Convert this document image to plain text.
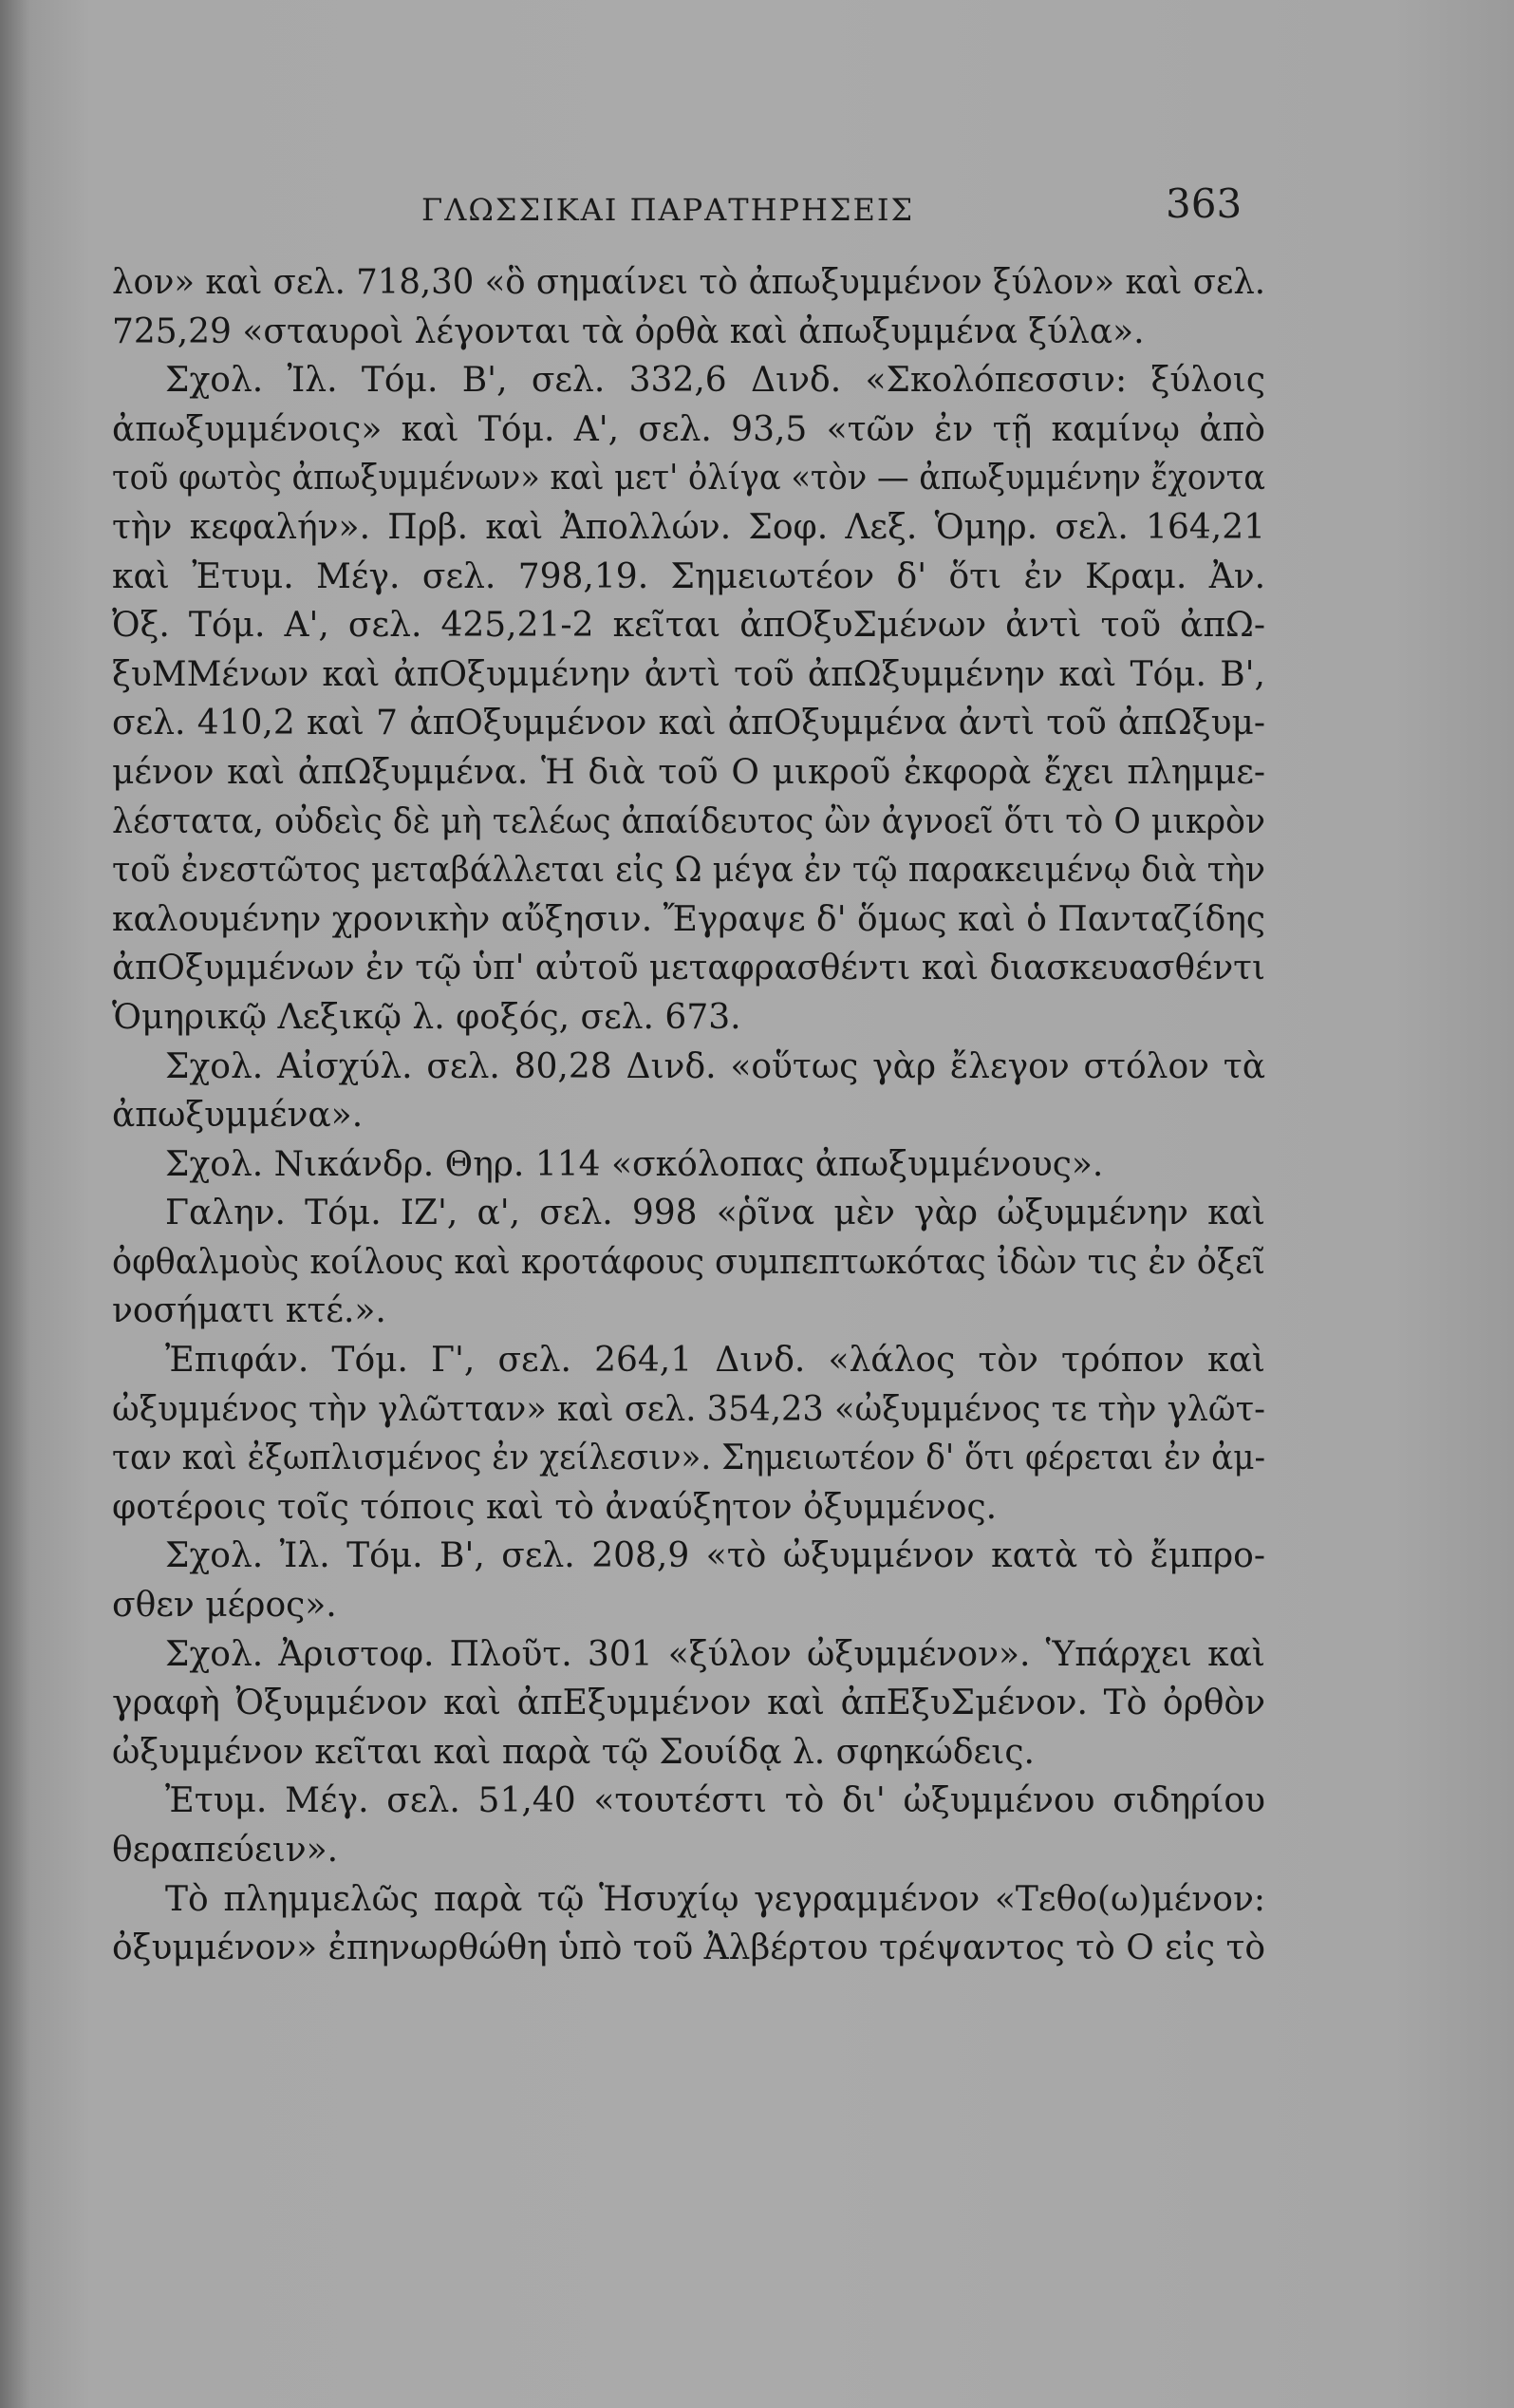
ΓΛΩΣΣΙΚΑΙ ΠΑΡΑΤΗΡΗΣΕΙΣ	363
λον» καὶ σελ. 718,30 «ὃ σημαίνει τὸ ἀπωξυμμένον ξύλον» καὶ σελ.
725,29 «σταυροὶ λέγονται τὰ ὀρθὰ καὶ ἀπωξυμμένα ξύλα».
Σχολ. Ἰλ. Τόμ. Β', σελ. 332,6 Δινδ. «Σκολόπεσσιν: ξύλοις
ἀπωξυμμένοις» καὶ Τόμ. Α', σελ. 93,5 «τῶν ἐν τῇ καμίνῳ ἀπὸ
τοῦ φωτὸς ἀπωξυμμένων» καὶ μετ' ὀλίγα «τὸν — ἀπωξυμμένην ἔχοντα
τὴν κεφαλήν». Πρβ. καὶ Ἀπολλών. Σοφ. Λεξ. Ὁμηρ. σελ. 164,21
καὶ Ἐτυμ. Μέγ. σελ. 798,19. Σημειωτέον δ' ὅτι ἐν Κραμ. Ἀν.
Ὀξ. Τόμ. Α', σελ. 425,21-2 κεῖται ἀπΟξυΣμένων ἀντὶ τοῦ ἀπΩ-
ξυΜΜένων καὶ ἀπΟξυμμένην ἀντὶ τοῦ ἀπΩξυμμένην καὶ Τόμ. Β',
σελ. 410,2 καὶ 7 ἀπΟξυμμένον καὶ ἀπΟξυμμένα ἀντὶ τοῦ ἀπΩξυμ-
μένον καὶ ἀπΩξυμμένα. Ἡ διὰ τοῦ Ο μικροῦ ἐκφορὰ ἔχει πλημμε-
λέστατα, οὐδεὶς δὲ μὴ τελέως ἀπαίδευτος ὢν ἀγνοεῖ ὅτι τὸ Ο μικρὸν
τοῦ ἐνεστῶτος μεταβάλλεται εἰς Ω μέγα ἐν τῷ παρακειμένῳ διὰ τὴν
καλουμένην χρονικὴν αὔξησιν. Ἔγραψε δ' ὅμως καὶ ὁ Πανταζίδης
ἀπΟξυμμένων ἐν τῷ ὑπ' αὐτοῦ μεταφρασθέντι καὶ διασκευασθέντι
Ὁμηρικῷ Λεξικῷ λ. φοξός, σελ. 673.
Σχολ. Αἰσχύλ. σελ. 80,28 Δινδ. «οὕτως γὰρ ἔλεγον στόλον τὰ
ἀπωξυμμένα».
Σχολ. Νικάνδρ. Θηρ. 114 «σκόλοπας ἀπωξυμμένους».
Γαλην. Τόμ. ΙΖ', α', σελ. 998 «ῥῖνα μὲν γὰρ ὠξυμμένην καὶ
ὀφθαλμοὺς κοίλους καὶ κροτάφους συμπεπτωκότας ἰδὼν τις ἐν ὀξεῖ
νοσήματι κτέ.».
Ἐπιφάν. Τόμ. Γ', σελ. 264,1 Δινδ. «λάλος τὸν τρόπον καὶ
ὠξυμμένος τὴν γλῶτταν» καὶ σελ. 354,23 «ὠξυμμένος τε τὴν γλῶτ-
ταν καὶ ἐξωπλισμένος ἐν χείλεσιν». Σημειωτέον δ' ὅτι φέρεται ἐν ἀμ-
φοτέροις τοῖς τόποις καὶ τὸ ἀναύξητον ὀξυμμένος.
Σχολ. Ἰλ. Τόμ. Β', σελ. 208,9 «τὸ ὠξυμμένον κατὰ τὸ ἔμπρο-
σθεν μέρος».
Σχολ. Ἀριστοφ. Πλοῦτ. 301 «ξύλον ὠξυμμένον». Ὑπάρχει καὶ
γραφὴ Ὀξυμμένον καὶ ἀπΕξυμμένον καὶ ἀπΕξυΣμένον. Τὸ ὀρθὸν
ὠξυμμένον κεῖται καὶ παρὰ τῷ Σουίδᾳ λ. σφηκώδεις.
Ἐτυμ. Μέγ. σελ. 51,40 «τουτέστι τὸ δι' ὠξυμμένου σιδηρίου
θεραπεύειν».
Τὸ πλημμελῶς παρὰ τῷ Ἡσυχίῳ γεγραμμένον «Τεθο(ω)μένον:
ὀξυμμένον» ἐπηνωρθώθη ὑπὸ τοῦ Ἀλβέρτου τρέψαντος τὸ Ο εἰς τὸ
